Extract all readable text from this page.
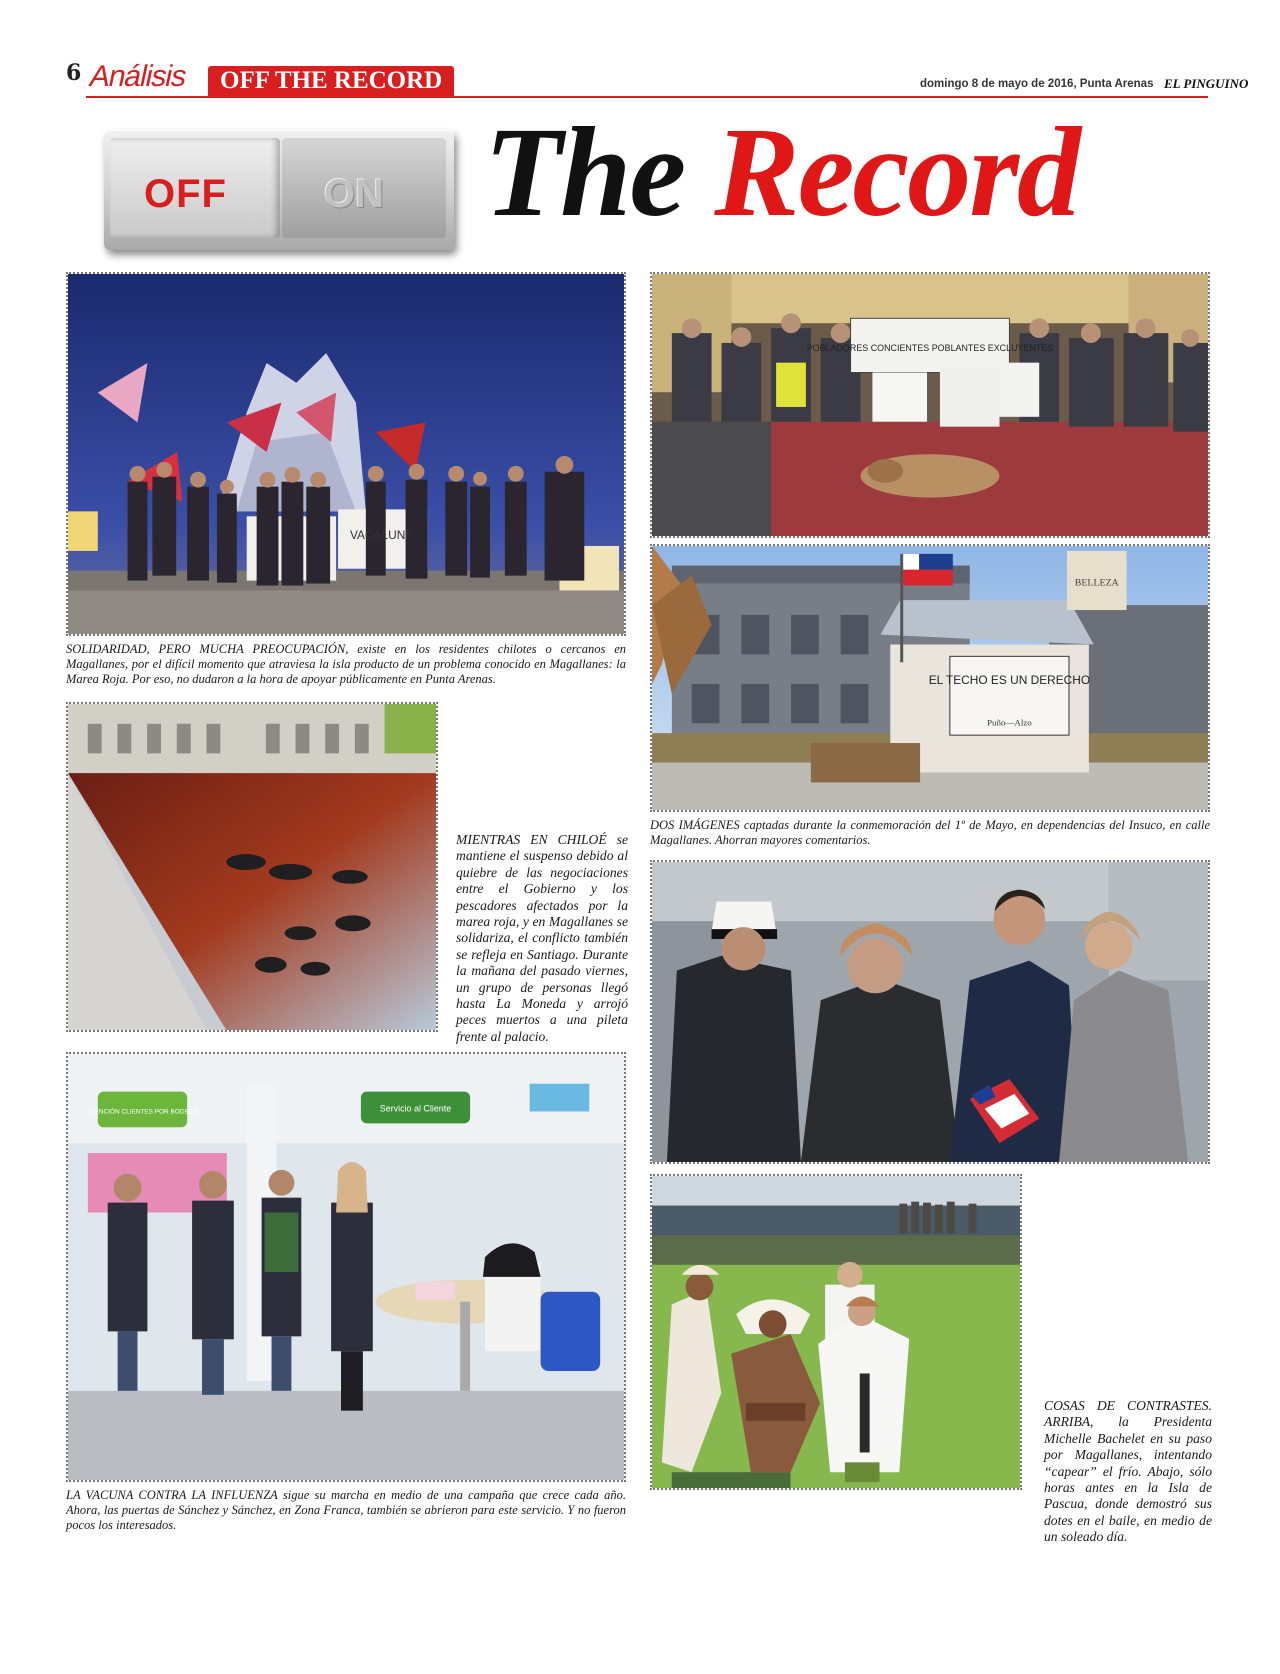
6 Análisis	OFF THE RECORD	domingo 8 de mayo de 2016, Punta Arenas EL PINGUINO
OFF ON The Record
VACALUNE
SOLIDARIDAD, PERO MUCHA PREOCUPACIÓN, existe en los residentes chilotes o cercanos en Magallanes, por el difícil momento que atraviesa la isla producto de un problema conocido en Magallanes: la Marea Roja. Por eso, no dudaron a la hora de apoyar públicamente en Punta Arenas.
POBLADORES CONCIENTES POBLANTES EXCLUYENTES
EL TECHO ES UN DERECHO
Puño—Alzo
BELLEZA
DOS IMÁGENES captadas durante la conmemoración del 1º de Mayo, en dependencias del Insuco, en calle Magallanes. Ahorran mayores comentarios.
MIENTRAS EN CHILOÉ se mantiene el suspenso debido al quiebre de las negociaciones entre el Gobierno y los pescadores afectados por la marea roja, y en Magallanes se solidariza, el conflicto también se refleja en Santiago. Durante la mañana del pasado viernes, un grupo de personas llegó hasta La Moneda y arrojó peces muertos a una pileta frente al palacio.
ATENCIÓN CLIENTES POR BODEGA	Servicio al Cliente
LA VACUNA CONTRA LA INFLUENZA sigue su marcha en medio de una campaña que crece cada año. Ahora, las puertas de Sánchez y Sánchez, en Zona Franca, también se abrieron para este servicio. Y no fueron pocos los interesados.
COSAS DE CONTRASTES. ARRIBA, la Presidenta Michelle Bachelet en su paso por Magallanes, intentando “capear” el frío. Abajo, sólo horas antes en la Isla de Pascua, donde demostró sus dotes en el baile, en medio de un soleado día.
